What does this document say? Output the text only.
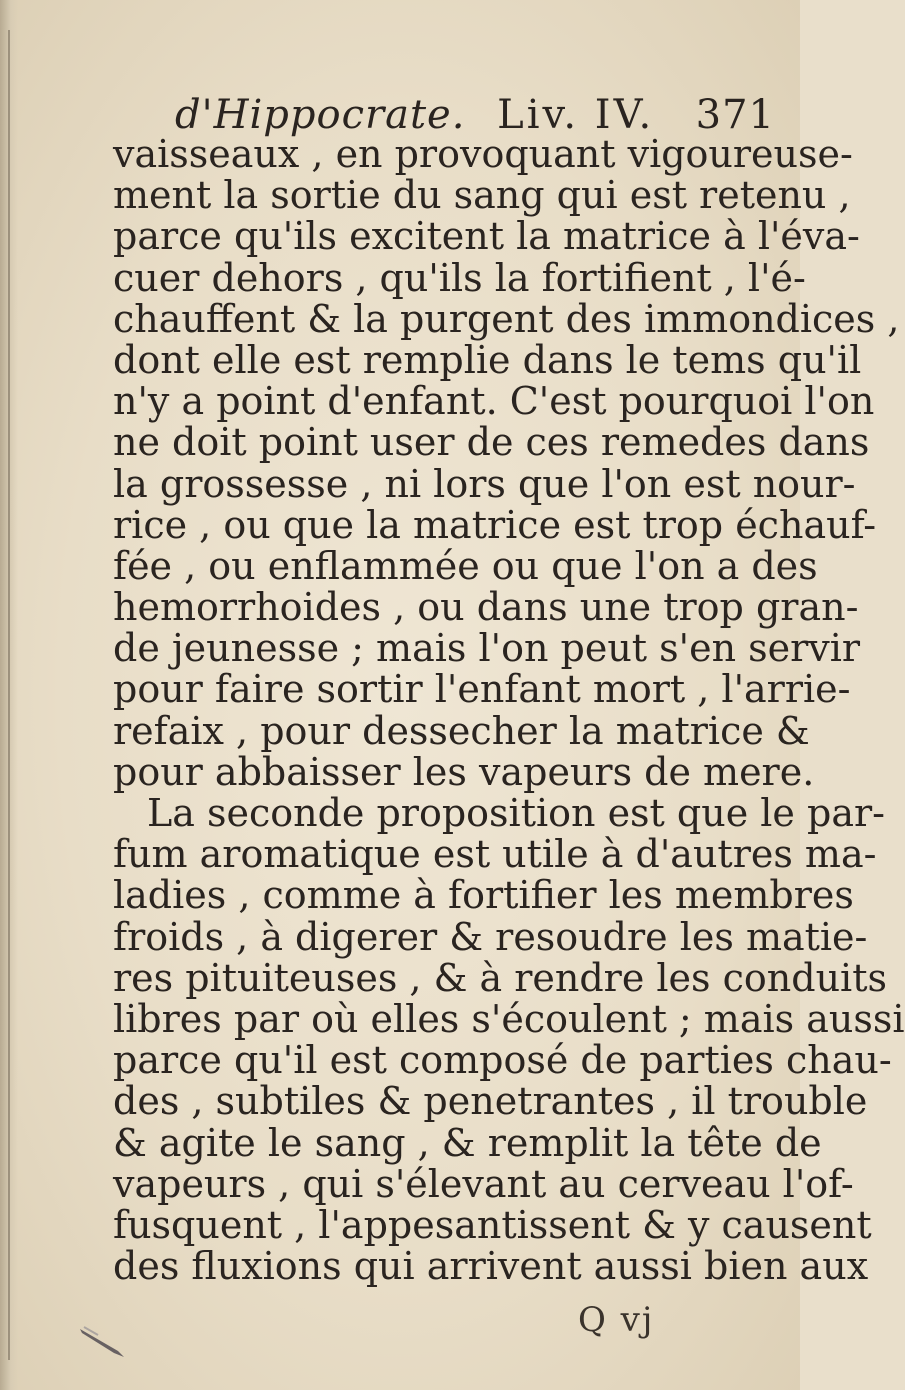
d'Hippocrate. Liv. IV. 371
vaisseaux , en provoquant vigoureuse-
ment la sortie du sang qui est retenu ,
parce qu'ils excitent la matrice à l'éva-
cuer dehors , qu'ils la fortifient , l'é-
chauffent & la purgent des immondices ,
dont elle est remplie dans le tems qu'il
n'y a point d'enfant. C'est pourquoi l'on
ne doit point user de ces remedes dans
la grossesse , ni lors que l'on est nour-
rice , ou que la matrice est trop échauf-
fée , ou enflammée ou que l'on a des
hemorrhoides , ou dans une trop gran-
de jeunesse ; mais l'on peut s'en servir
pour faire sortir l'enfant mort , l'arrie-
refaix , pour dessecher la matrice &
pour abbaisser les vapeurs de mere.
La seconde proposition est que le par-
fum aromatique est utile à d'autres ma-
ladies , comme à fortifier les membres
froids , à digerer & resoudre les matie-
res pituiteuses , & à rendre les conduits
libres par où elles s'écoulent ; mais aussi
parce qu'il est composé de parties chau-
des , subtiles & penetrantes , il trouble
& agite le sang , & remplit la tête de
vapeurs , qui s'élevant au cerveau l'of-
fusquent , l'appesantissent & y causent
des fluxions qui arrivent aussi bien aux
Q vj
